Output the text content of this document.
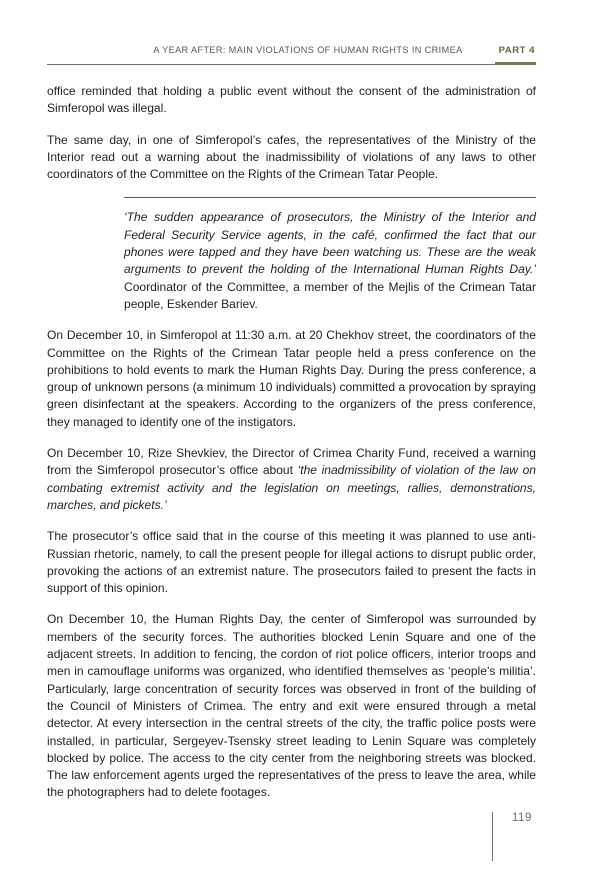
A YEAR AFTER: MAIN VIOLATIONS OF HUMAN RIGHTS IN CRIMEA	PART 4

office reminded that holding a public event without the consent of the administration of Simferopol was illegal.

The same day, in one of Simferopol’s cafes, the representatives of the Ministry of the Interior read out a warning about the inadmissibility of violations of any laws to other coordinators of the Committee on the Rights of the Crimean Tatar People.

‘The sudden appearance of prosecutors, the Ministry of the Interior and Federal Security Service agents, in the café, confirmed the fact that our phones were tapped and they have been watching us. These are the weak arguments to prevent the holding of the International Human Rights Day.’ Coordinator of the Committee, a member of the Mejlis of the Crimean Tatar people, Eskender Bariev.

On December 10, in Simferopol at 11:30 a.m. at 20 Chekhov street, the coordinators of the Committee on the Rights of the Crimean Tatar people held a press conference on the prohibitions to hold events to mark the Human Rights Day. During the press conference, a group of unknown persons (a minimum 10 individuals) committed a provocation by spraying green disinfectant at the speakers. According to the organizers of the press conference, they managed to identify one of the instigators.

On December 10, Rize Shevkiev, the Director of Crimea Charity Fund, received a warning from the Simferopol prosecutor’s office about ‘the inadmissibility of violation of the law on combating extremist activity and the legislation on meetings, rallies, demonstrations, marches, and pickets.’

The prosecutor’s office said that in the course of this meeting it was planned to use anti-Russian rhetoric, namely, to call the present people for illegal actions to disrupt public order, provoking the actions of an extremist nature. The prosecutors failed to present the facts in support of this opinion.

On December 10, the Human Rights Day, the center of Simferopol was surrounded by members of the security forces. The authorities blocked Lenin Square and one of the adjacent streets. In addition to fencing, the cordon of riot police officers, interior troops and men in camouflage uniforms was organized, who identified themselves as ‘people’s militia’. Particularly, large concentration of security forces was observed in front of the building of the Council of Ministers of Crimea. The entry and exit were ensured through a metal detector. At every intersection in the central streets of the city, the traffic police posts were installed, in particular, Sergeyev-Tsensky street leading to Lenin Square was completely blocked by police. The access to the city center from the neighboring streets was blocked. The law enforcement agents urged the representatives of the press to leave the area, while the photographers had to delete footages.

119
